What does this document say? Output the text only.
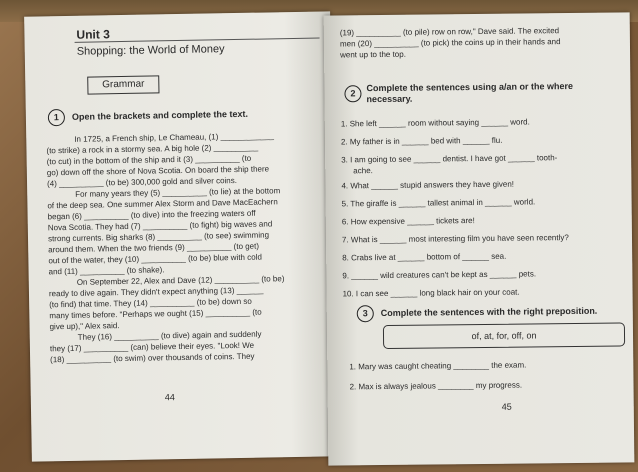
Unit 3
Shopping: the World of Money
Grammar
1	Open the brackets and complete the text.
In 1725, a French ship, Le Chameau, (1) ____________
(to strike) a rock in a stormy sea. A big hole (2) __________
(to cut) in the bottom of the ship and it (3) __________ (to
go) down off the shore of Nova Scotia. On board the ship there
(4) __________ (to be) 300,000 gold and silver coins.
For many years they (5) __________ (to lie) at the bottom
of the deep sea. One summer Alex Storm and Dave MacEachern
began (6) __________ (to dive) into the freezing waters off
Nova Scotia. They had (7) __________ (to fight) big waves and
strong currents. Big sharks (8) __________ (to see) swimming
around them. When the two friends (9) __________ (to get)
out of the water, they (10) __________ (to be) blue with cold
and (11) __________ (to shake).
On September 22, Alex and Dave (12) __________ (to be)
ready to dive again. They didn't expect anything (13) ______
(to find) that time. They (14) __________ (to be) down so
many times before. "Perhaps we ought (15) __________ (to
give up)," Alex said.
They (16) __________ (to dive) again and suddenly
they (17) __________ (can) believe their eyes. "Look! We
(18) __________ (to swim) over thousands of coins. They
44
(19) __________ (to pile) row on row," Dave said. The excited
men (20) __________ (to pick) the coins up in their hands and
went up to the top.
2
Complete the sentences using a/an or the where necessary.
1. She left ______ room without saying ______ word.
2. My father is in ______ bed with ______ flu.
3. I am going to see ______ dentist. I have got ______ tooth-
ache.
4. What ______ stupid answers they have given!
5. The giraffe is ______ tallest animal in ______ world.
6. How expensive ______ tickets are!
7. What is ______ most interesting film you have seen recently?
8. Crabs live at ______ bottom of ______ sea.
9. ______ wild creatures can't be kept as ______ pets.
10. I can see ______ long black hair on your coat.
3	Complete the sentences with the right preposition.
of, at, for, off, on
1. Mary was caught cheating ________ the exam.
2. Max is always jealous ________ my progress.
45
